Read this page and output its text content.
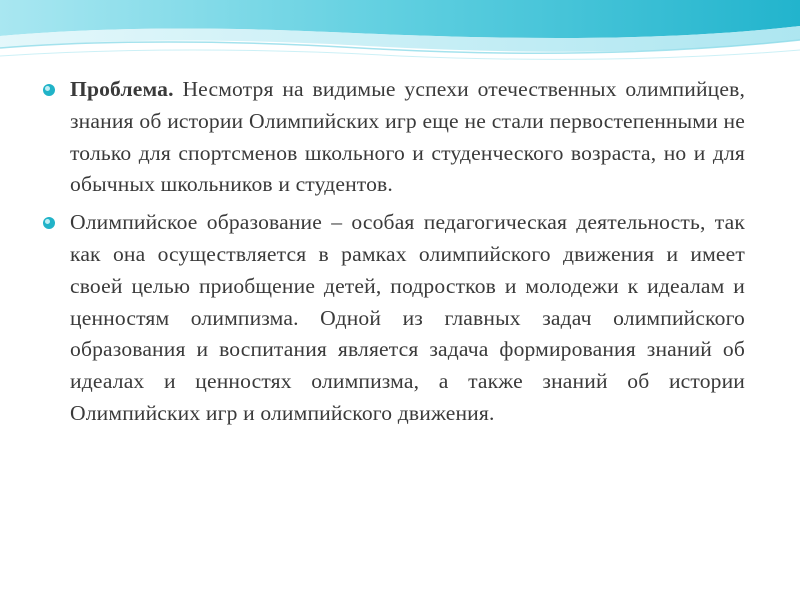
Проблема. Несмотря на видимые успехи отечественных олимпийцев, знания об истории Олимпийских игр еще не стали первостепенными не только для спортсменов школьного и студенческого возраста, но и для обычных школьников и студентов.

Олимпийское образование – особая педагогическая деятельность, так как она осуществляется в рамках олимпийского движения и имеет своей целью приобщение детей, подростков и молодежи к идеалам и ценностям олимпизма. Одной из главных задач олимпийского образования и воспитания является задача формирования знаний об идеалах и ценностях олимпизма, а также знаний об истории Олимпийских игр и олимпийского движения.
